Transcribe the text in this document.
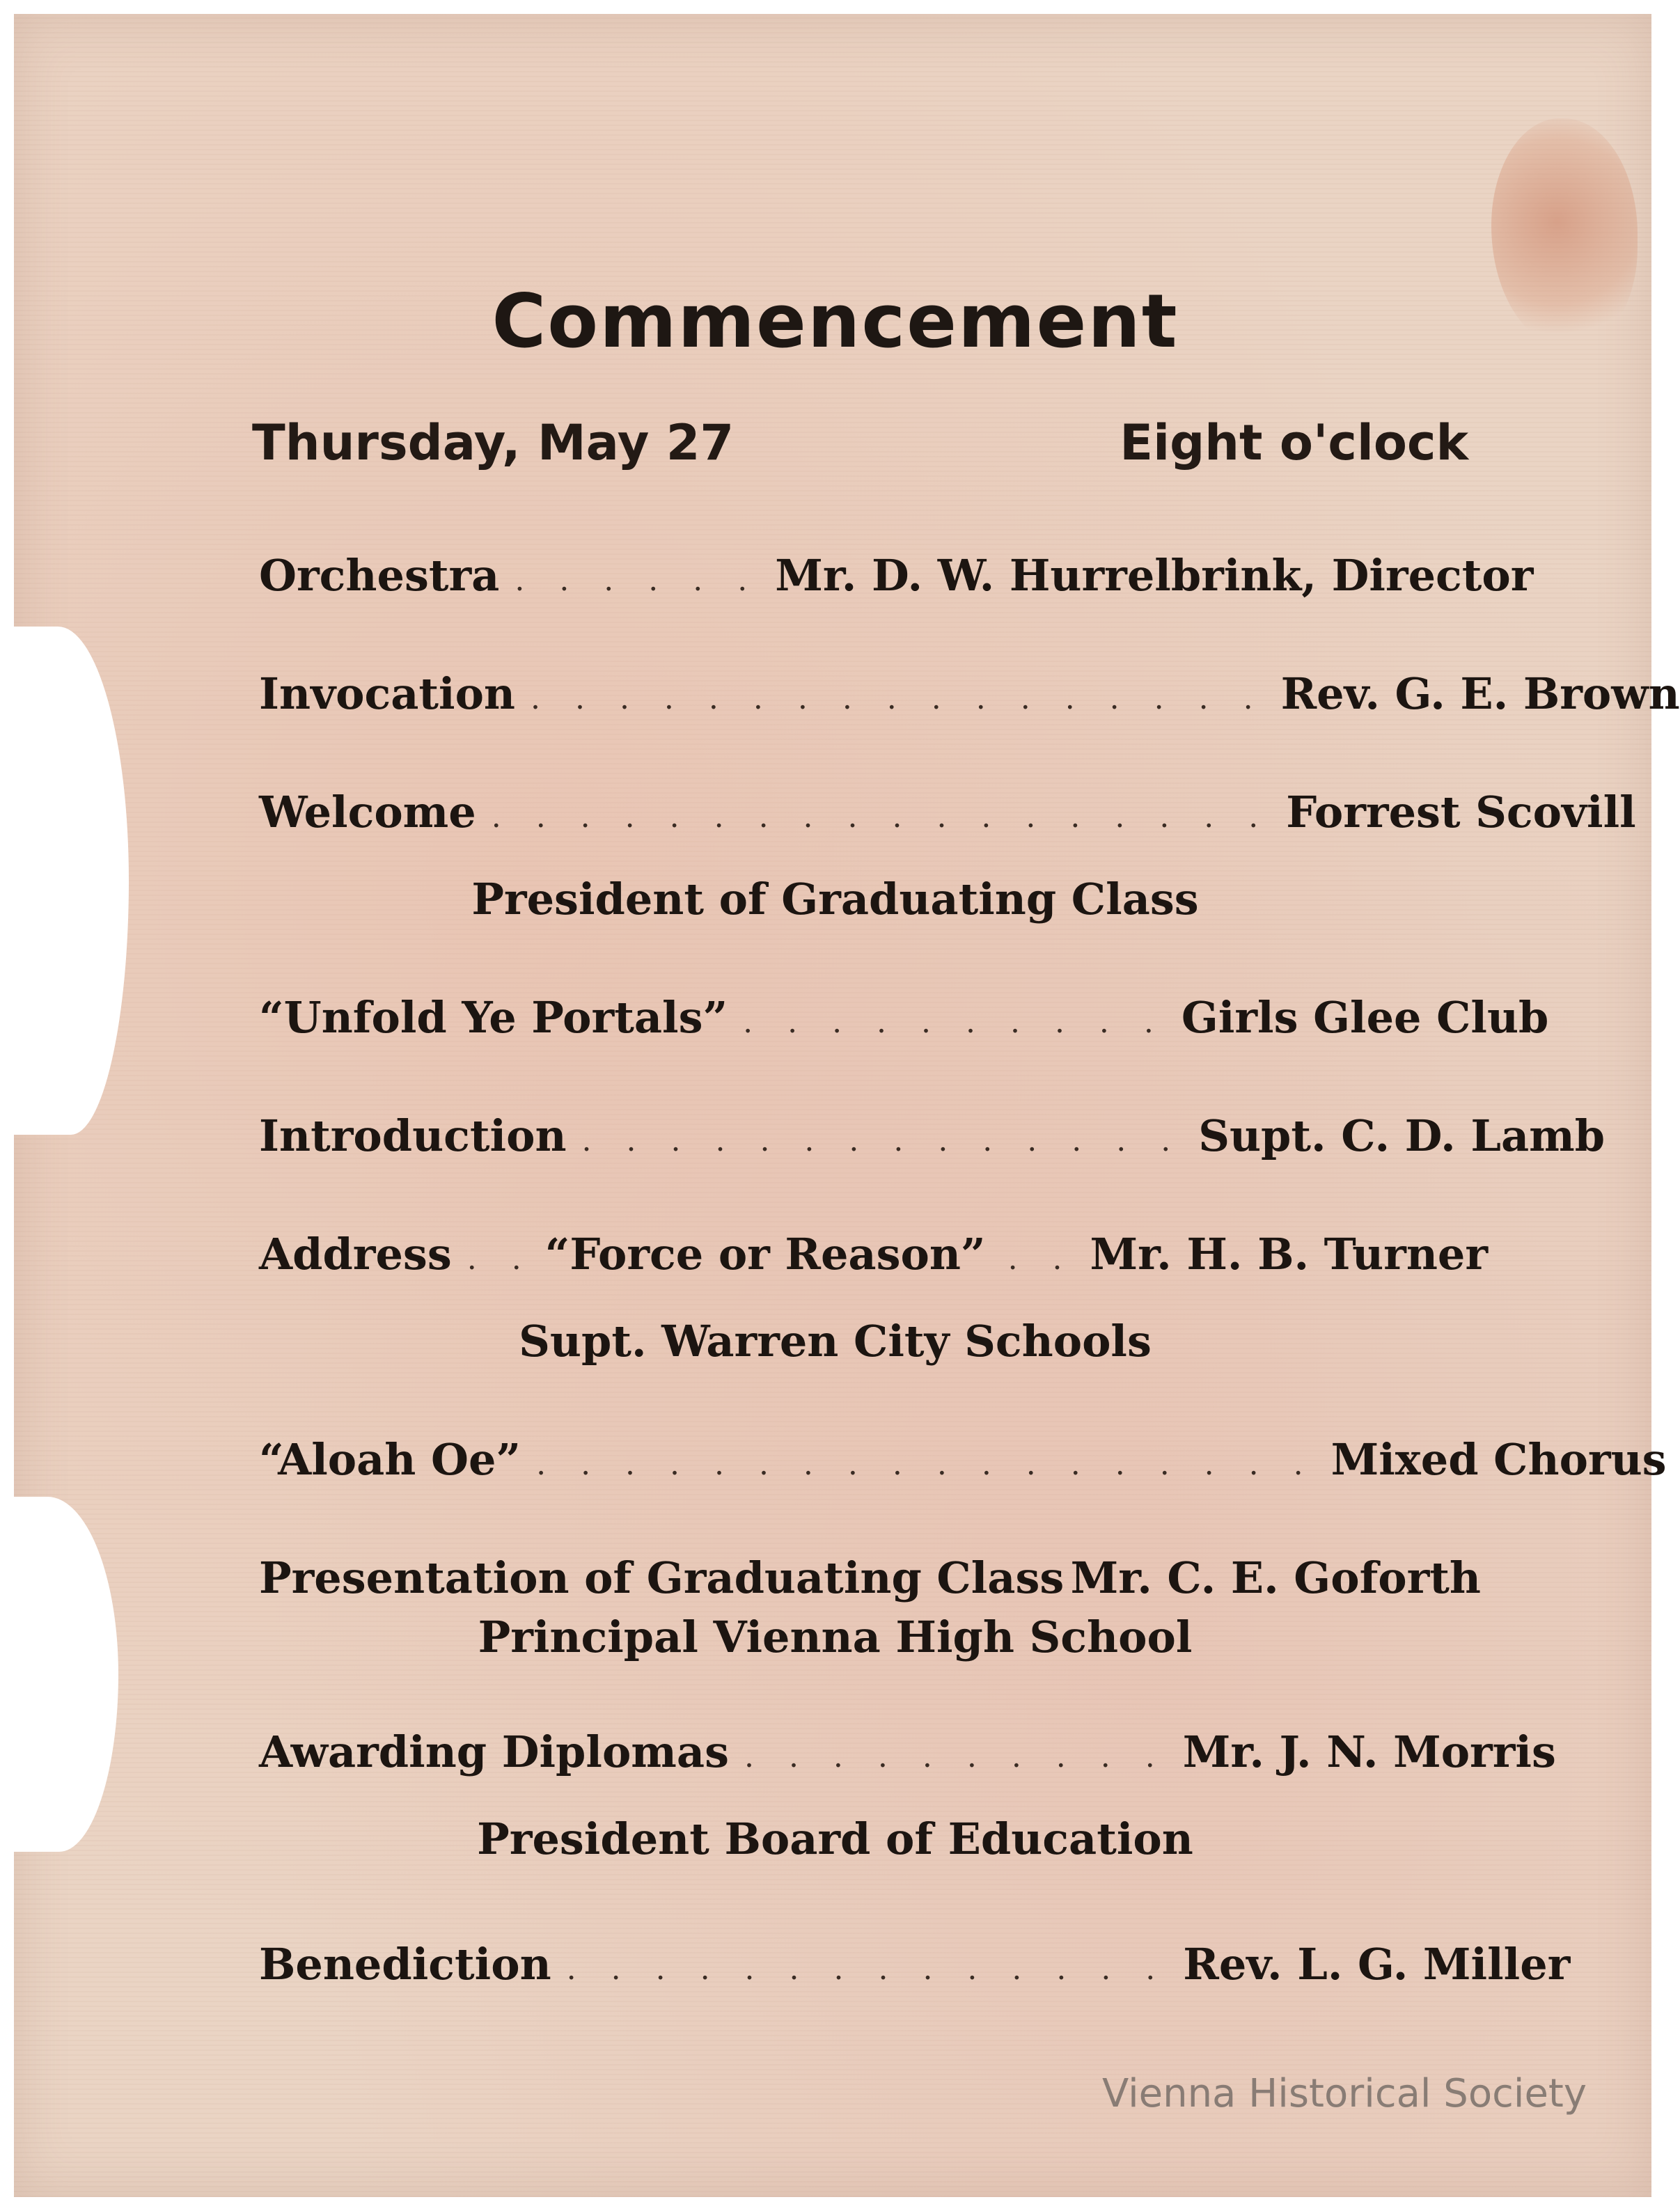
Commencement
Thursday, May 27	Eight o'clock
Orchestra . . . . . . Mr. D. W. Hurrelbrink, Director
Invocation . . . . . . . . . . . . . . . . . Rev. G. E. Brown
Welcome . . . . . . . . . . . . . . . . . . Forrest Scovill
President of Graduating Class
“Unfold Ye Portals” . . . . . . . . . . Girls Glee Club
Introduction . . . . . . . . . . . . . . Supt. C. D. Lamb
Address . . “Force or Reason” . . Mr. H. B. Turner
Supt. Warren City Schools
“Aloah Oe” . . . . . . . . . . . . . . . . . . Mixed Chorus
Presentation of Graduating Class Mr. C. E. Goforth
Principal Vienna High School
Awarding Diplomas . . . . . . . . . . Mr. J. N. Morris
President Board of Education
Benediction . . . . . . . . . . . . . . Rev. L. G. Miller
Vienna Historical Society
